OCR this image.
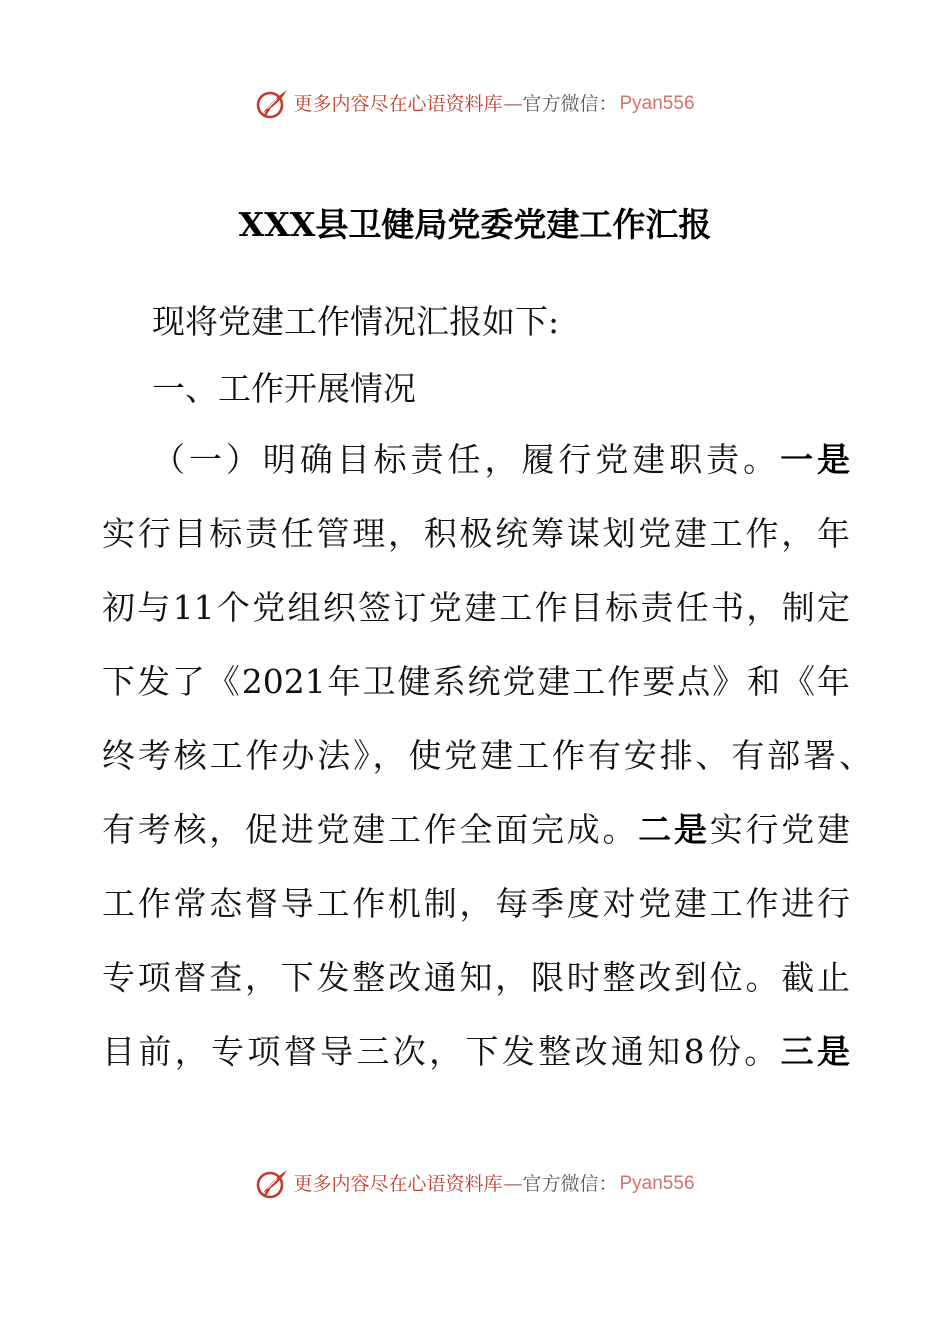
更多内容尽在心语资料库 — 官方微信： Pyan556
XXX县卫健局党委党建工作汇报
现将党建工作情况汇报如下:
一、工作开展情况
（一）明确目标责任，履行党建职责。一是
实行目标责任管理，积极统筹谋划党建工作，年
初与11个党组织签订党建工作目标责任书，制定
下发了《2021年卫健系统党建工作要点》和《年
终考核工作办法》，使党建工作有安排、有部署、
有考核，促进党建工作全面完成。二是实行党建
工作常态督导工作机制，每季度对党建工作进行
专项督查，下发整改通知，限时整改到位。截止
目前，专项督导三次，下发整改通知8份。三是
更多内容尽在心语资料库 — 官方微信： Pyan556
